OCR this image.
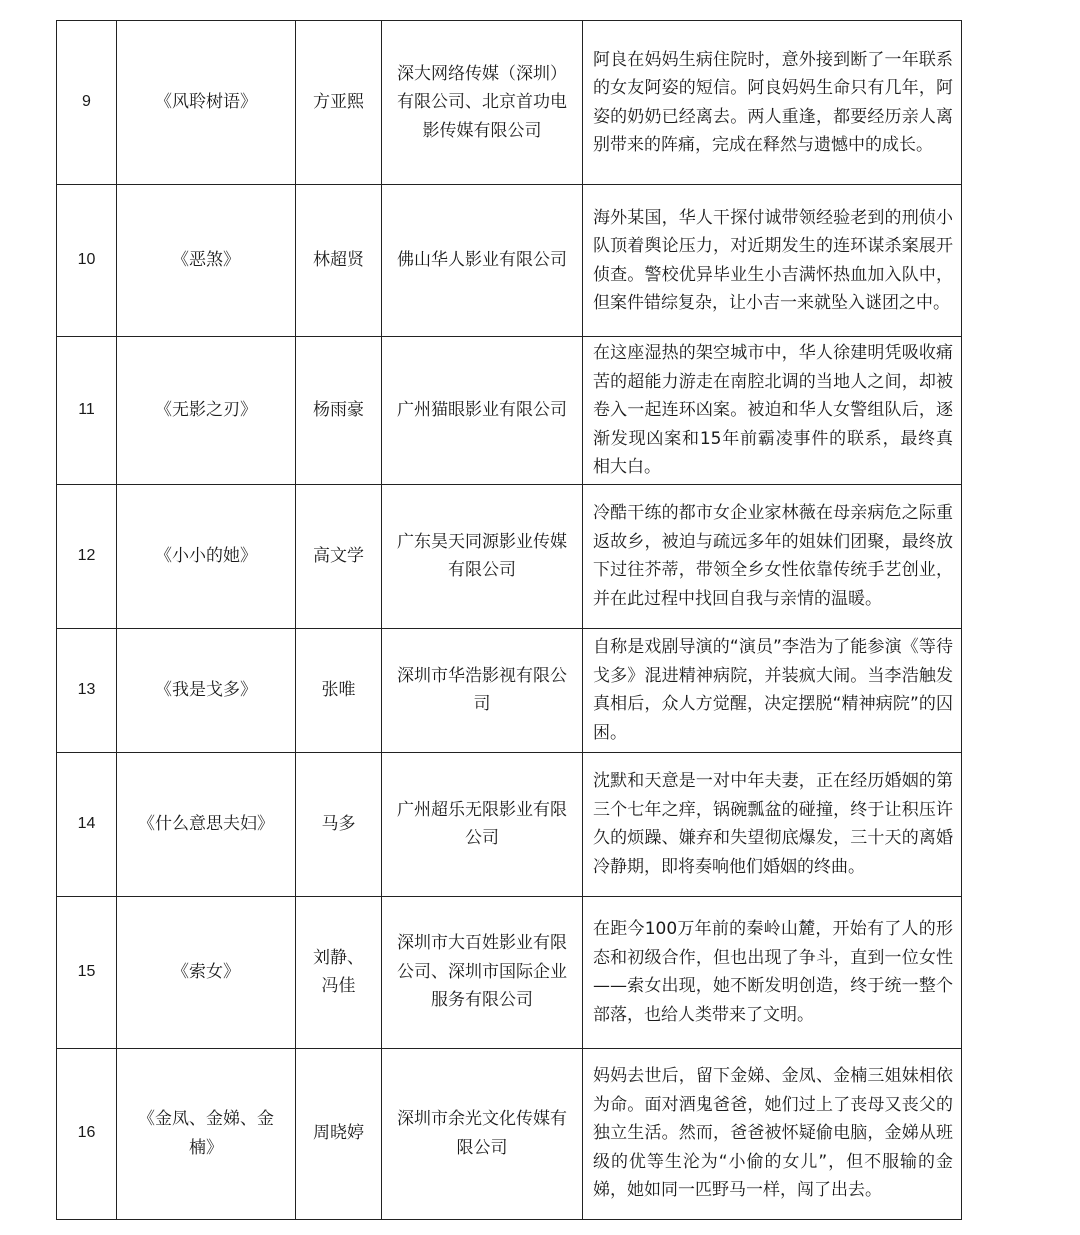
9	《风聆树语》	方亚熙	深大网络传媒（深圳）有限公司、北京首功电影传媒有限公司	阿良在妈妈生病住院时，意外接到断了一年联系的女友阿姿的短信。阿良妈妈生命只有几年，阿姿的奶奶已经离去。两人重逢，都要经历亲人离别带来的阵痛，完成在释然与遗憾中的成长。
10	《恶煞》	林超贤	佛山华人影业有限公司	海外某国，华人干探付诚带领经验老到的刑侦小队顶着舆论压力，对近期发生的连环谋杀案展开侦查。警校优异毕业生小吉满怀热血加入队中，但案件错综复杂，让小吉一来就坠入谜团之中。
11	《无影之刃》	杨雨豪	广州猫眼影业有限公司	在这座湿热的架空城市中，华人徐建明凭吸收痛苦的超能力游走在南腔北调的当地人之间，却被卷入一起连环凶案。被迫和华人女警组队后，逐渐发现凶案和15年前霸凌事件的联系，最终真相大白。
12	《小小的她》	高文学	广东昊天同源影业传媒有限公司	冷酷干练的都市女企业家林薇在母亲病危之际重返故乡，被迫与疏远多年的姐妹们团聚，最终放下过往芥蒂，带领全乡女性依靠传统手艺创业，并在此过程中找回自我与亲情的温暖。
13	《我是戈多》	张唯	深圳市华浩影视有限公司	自称是戏剧导演的“演员”李浩为了能参演《等待戈多》混进精神病院，并装疯大闹。当李浩触发真相后，众人方觉醒，决定摆脱“精神病院”的囚困。
14	《什么意思夫妇》	马多	广州超乐无限影业有限公司	沈默和天意是一对中年夫妻，正在经历婚姻的第三个七年之痒，锅碗瓢盆的碰撞，终于让积压许久的烦躁、嫌弃和失望彻底爆发，三十天的离婚冷静期，即将奏响他们婚姻的终曲。
15	《索女》	刘静、冯佳	深圳市大百姓影业有限公司、深圳市国际企业服务有限公司	在距今100万年前的秦岭山麓，开始有了人的形态和初级合作，但也出现了争斗，直到一位女性——索女出现，她不断发明创造，终于统一整个部落，也给人类带来了文明。
16	《金凤、金娣、金楠》	周晓婷	深圳市余光文化传媒有限公司	妈妈去世后，留下金娣、金凤、金楠三姐妹相依为命。面对酒鬼爸爸，她们过上了丧母又丧父的独立生活。然而，爸爸被怀疑偷电脑，金娣从班级的优等生沦为“小偷的女儿”，但不服输的金娣，她如同一匹野马一样，闯了出去。
